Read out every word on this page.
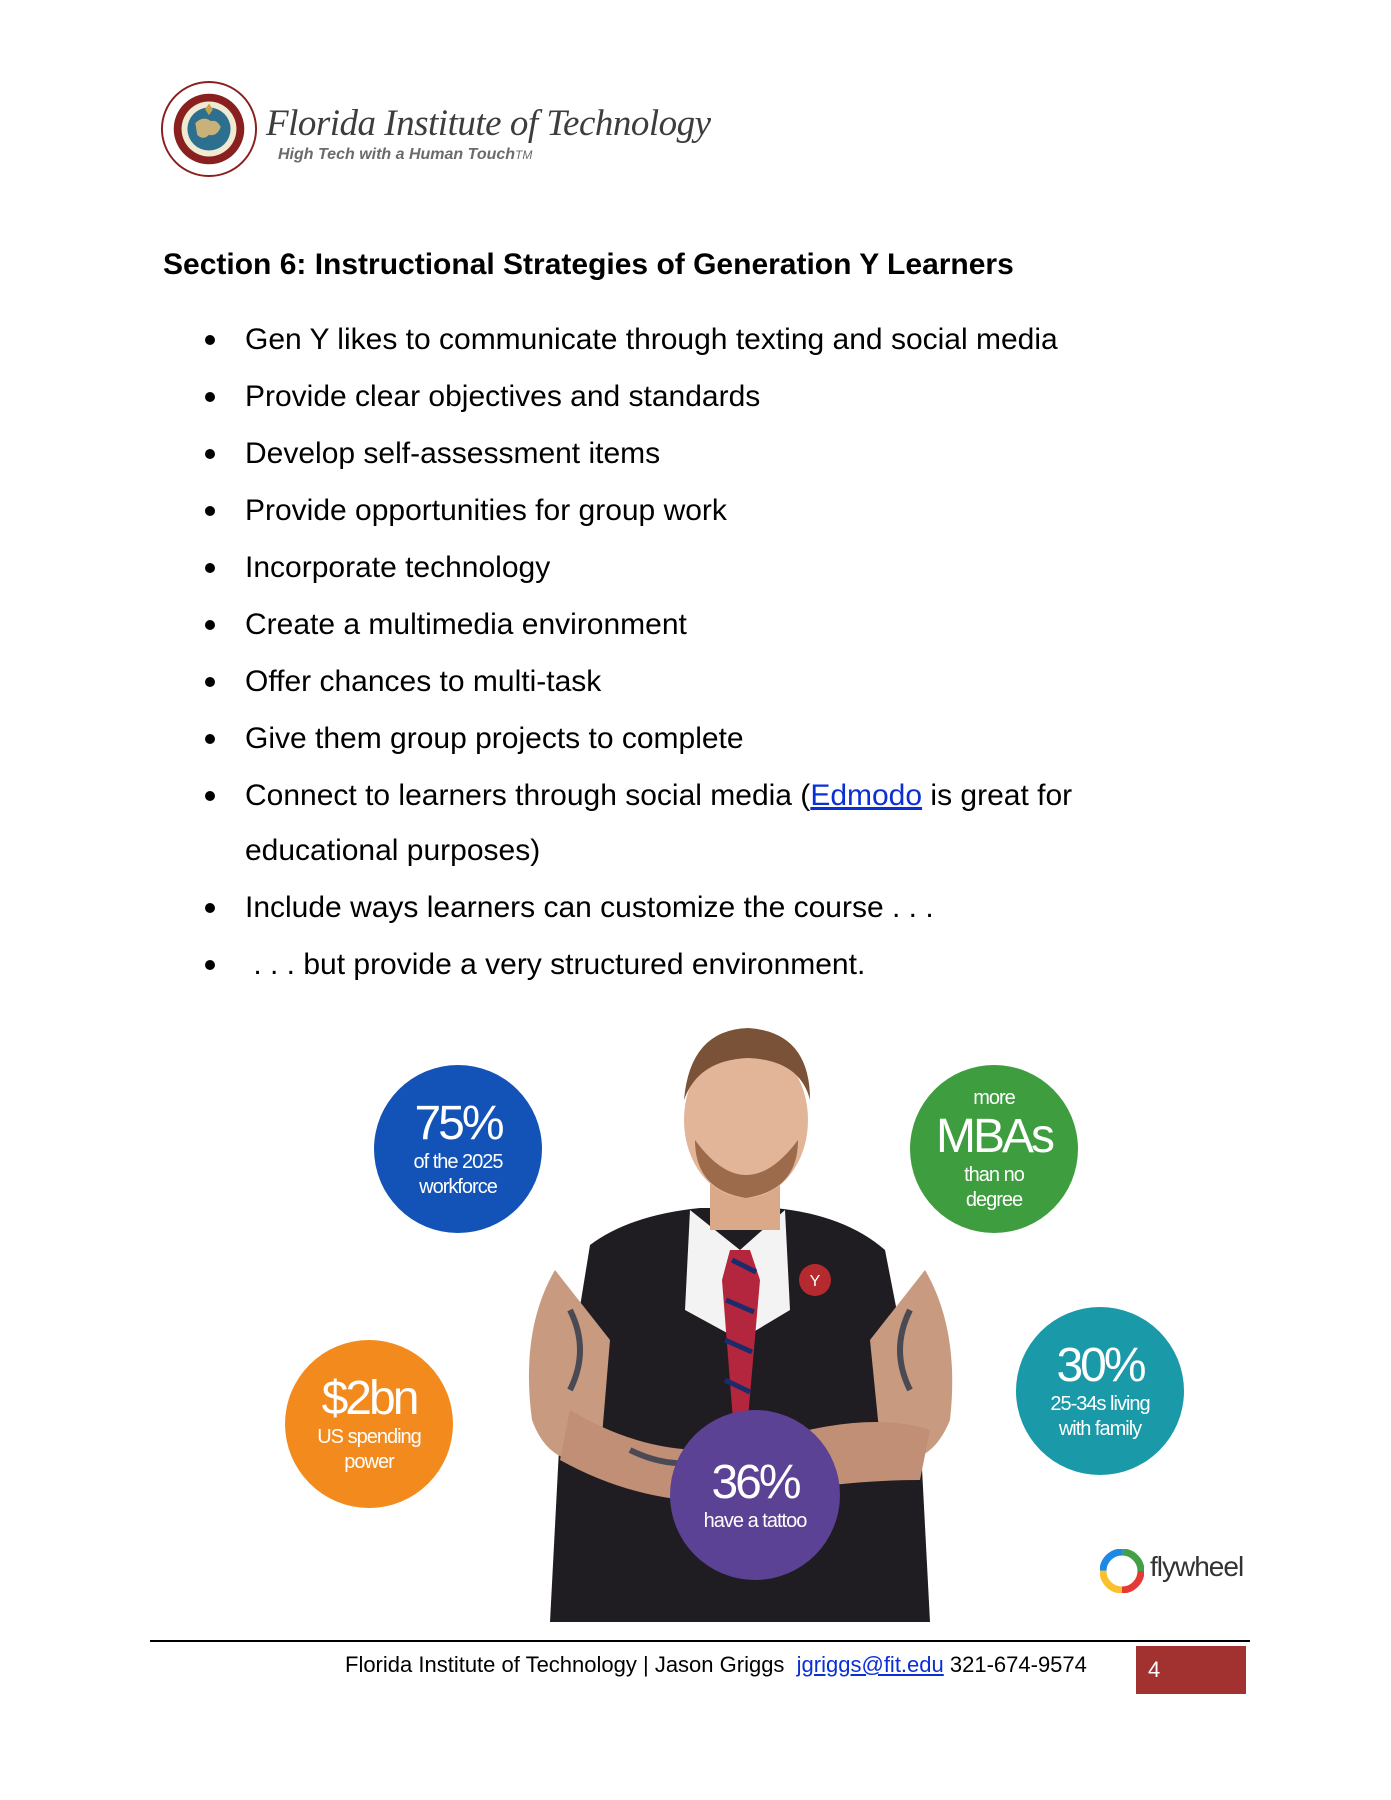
Florida Institute of Technology
High Tech with a Human TouchTM
Section 6: Instructional Strategies of Generation Y Learners
Gen Y likes to communicate through texting and social media
Provide clear objectives and standards
Develop self-assessment items
Provide opportunities for group work
Incorporate technology
Create a multimedia environment
Offer chances to multi-task
Give them group projects to complete
Connect to learners through social media (Edmodo is great for educational purposes)
Include ways learners can customize the course . . .
. . . but provide a very structured environment.
Y
75%
of the 2025
workforce
more
MBAs
than no
degree
$2bn
US spending
power
30%
25-34s living
with family
36%
have a tattoo
flywheel
Florida Institute of Technology | Jason Griggs jgriggs@fit.edu 321-674-9574	4
